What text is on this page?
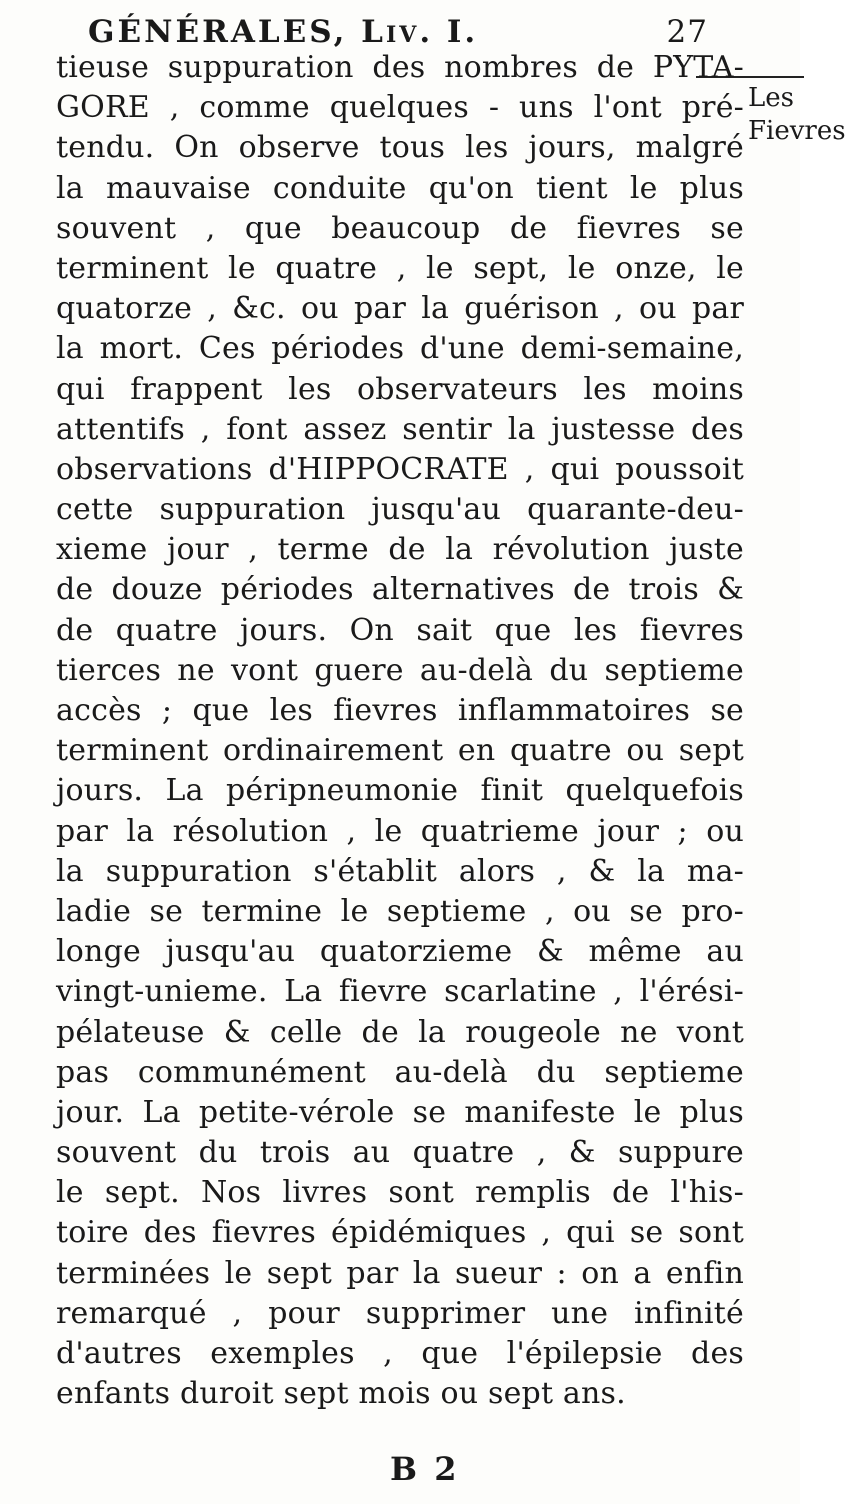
GÉNÉRALES, Liv. I.	27
Les
Fievres
tieuse suppuration des nombres de PYTA-
GORE , comme quelques - uns l'ont pré-
tendu. On observe tous les jours, malgré
la mauvaise conduite qu'on tient le plus
souvent , que beaucoup de fievres se
terminent le quatre , le sept, le onze, le
quatorze , &c. ou par la guérison , ou par
la mort. Ces périodes d'une demi-semaine,
qui frappent les observateurs les moins
attentifs , font assez sentir la justesse des
observations d'HIPPOCRATE , qui poussoit
cette suppuration jusqu'au quarante-deu-
xieme jour , terme de la révolution juste
de douze périodes alternatives de trois &
de quatre jours. On sait que les fievres
tierces ne vont guere au-delà du septieme
accès ; que les fievres inflammatoires se
terminent ordinairement en quatre ou sept
jours. La péripneumonie finit quelquefois
par la résolution , le quatrieme jour ; ou
la suppuration s'établit alors , & la ma-
ladie se termine le septieme , ou se pro-
longe jusqu'au quatorzieme & même au
vingt-unieme. La fievre scarlatine , l'érési-
pélateuse & celle de la rougeole ne vont
pas communément au-delà du septieme
jour. La petite-vérole se manifeste le plus
souvent du trois au quatre , & suppure
le sept. Nos livres sont remplis de l'his-
toire des fievres épidémiques , qui se sont
terminées le sept par la sueur : on a enfin
remarqué , pour supprimer une infinité
d'autres exemples , que l'épilepsie des
enfants duroit sept mois ou sept ans.
B 2
